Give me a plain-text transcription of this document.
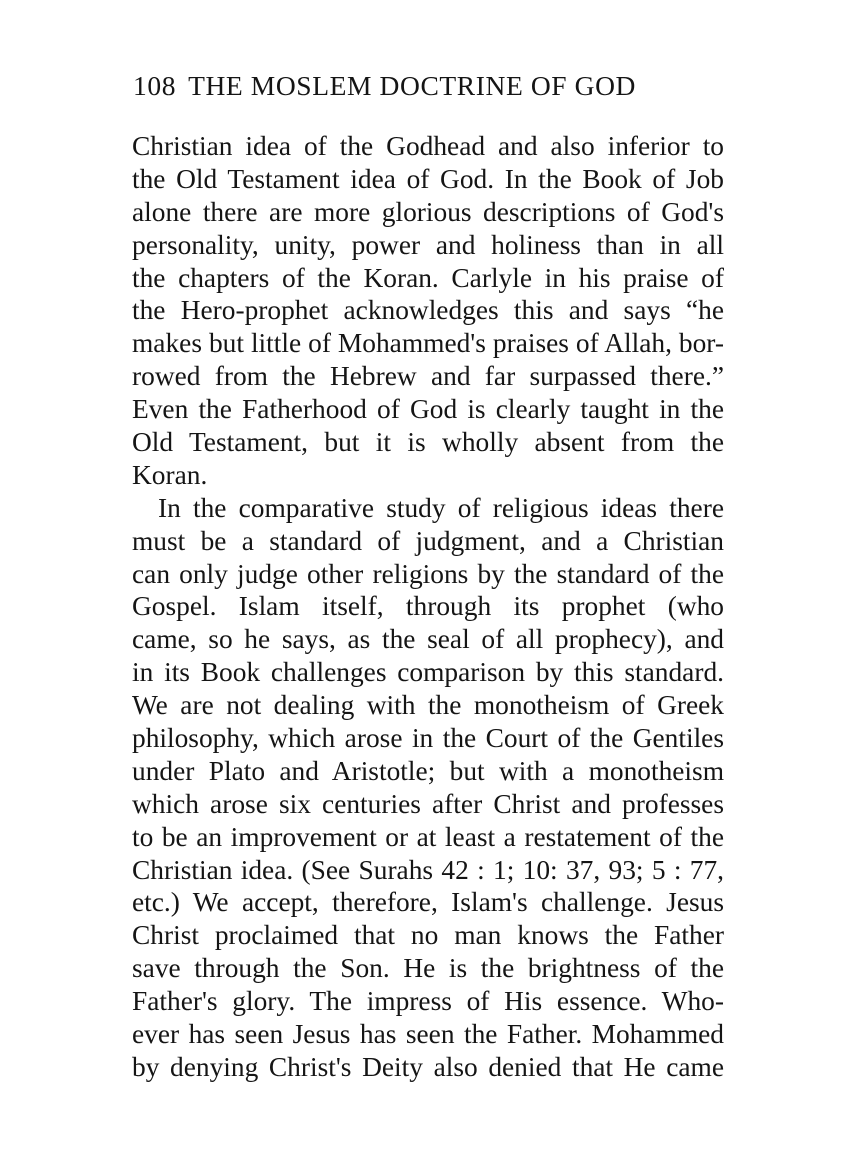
108 THE MOSLEM DOCTRINE OF GOD
Christian idea of the Godhead and also inferior to
the Old Testament idea of God. In the Book of Job
alone there are more glorious descriptions of God's
personality, unity, power and holiness than in all
the chapters of the Koran. Carlyle in his praise of
the Hero-prophet acknowledges this and says “he
makes but little of Mohammed's praises of Allah, bor-
rowed from the Hebrew and far surpassed there.”
Even the Fatherhood of God is clearly taught in the
Old Testament, but it is wholly absent from the
Koran.
In the comparative study of religious ideas there
must be a standard of judgment, and a Christian
can only judge other religions by the standard of the
Gospel. Islam itself, through its prophet (who
came, so he says, as the seal of all prophecy), and
in its Book challenges comparison by this standard.
We are not dealing with the monotheism of Greek
philosophy, which arose in the Court of the Gentiles
under Plato and Aristotle; but with a monotheism
which arose six centuries after Christ and professes
to be an improvement or at least a restatement of the
Christian idea. (See Surahs 42 : 1; 10: 37, 93; 5 : 77,
etc.) We accept, therefore, Islam's challenge. Jesus
Christ proclaimed that no man knows the Father
save through the Son. He is the brightness of the
Father's glory. The impress of His essence. Who-
ever has seen Jesus has seen the Father. Mohammed
by denying Christ's Deity also denied that He came
